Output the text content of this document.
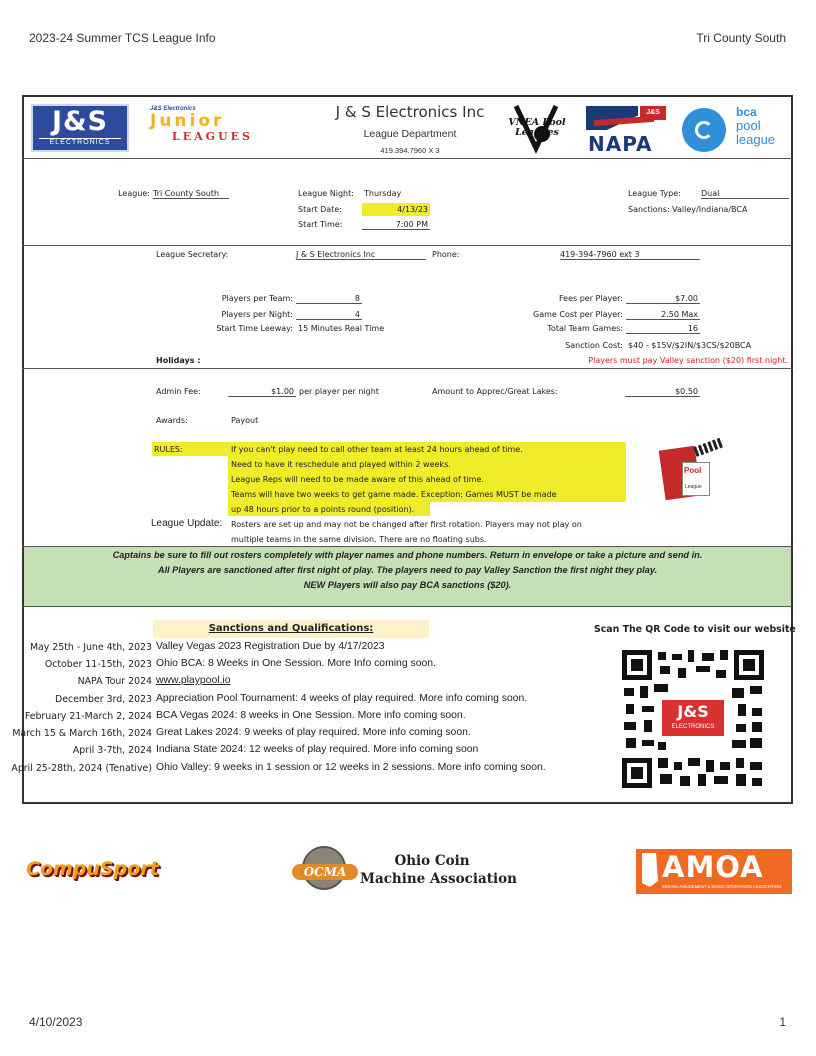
2023-24 Summer TCS League Info	Tri County South
J&S
ELECTRONICS
J&S Electronics
Junior
LEAGUES
J & S Electronics Inc
League Department
419.394.7960 X 3
VNEA Pool Leagues
J&S
NAPA
bca
pool
league
League: Tri County South	League Night: Thursday
Start Date:	4/13/23
Start Time:	7:00 PM
League Type:	Dual
Sanctions: Valley/Indiana/BCA
League Secretary:	J & S Electronics Inc	Phone:	419-394-7960 ext 3
Players per Team:	8
Players per Night:	4
Start Time Leeway: 15 Minutes Real Time
Fees per Player:	$7.00
Game Cost per Player:	2.50 Max
Total Team Games:	16
Sanction Cost: $40 - $15V/$2IN/$3CS/$20BCA
Holidays :	Players must pay Valley sanction ($20) first night.
Admin Fee:	$1.00 per player per night	Amount to Apprec/Great Lakes:	$0.50
Awards:	Payout
RULES:	If you can't play need to call other team at least 24 hours ahead of time.
Need to have it reschedule and played within 2 weeks.
League Reps will need to be made aware of this ahead of time.
Teams will have two weeks to get game made. Exception: Games MUST be made
up 48 hours prior to a points round (position).
League Update: Rosters are set up and may not be changed after first rotation. Players may not play on
multiple teams in the same division. There are no floating subs.
Pool
League
Captains be sure to fill out rosters completely with player names and phone numbers. Return in envelope or take a picture and send in.
All Players are sanctioned after first night of play. The players need to pay Valley Sanction the first night they play.
NEW Players will also pay BCA sanctions ($20).
Sanctions and Qualifications:
May 25th - June 4th, 2023 Valley Vegas 2023 Registration Due by 4/17/2023
October 11-15th, 2023 Ohio BCA: 8 Weeks in One Session. More Info coming soon.
NAPA Tour 2024 www.playpool.io
December 3rd, 2023 Appreciation Pool Tournament: 4 weeks of play required. More info coming soon.
February 21-March 2, 2024 BCA Vegas 2024: 8 weeks in One Session. More info coming soon.
March 15 & March 16th, 2024 Great Lakes 2024: 9 weeks of play required. More info coming soon.
April 3-7th, 2024 Indiana State 2024: 12 weeks of play required. More info coming soon
April 25-28th, 2024 (Tenative) Ohio Valley: 9 weeks in 1 session or 12 weeks in 2 sessions. More info coming soon.
Scan The QR Code to visit our website
J&S
ELECTRONICS
CompuSport	OCMA
Ohio Coin
Machine Association	AMOA
INDIANA AMUSEMENT & MUSIC OPERATORS ASSOCIATION
4/10/2023	1
